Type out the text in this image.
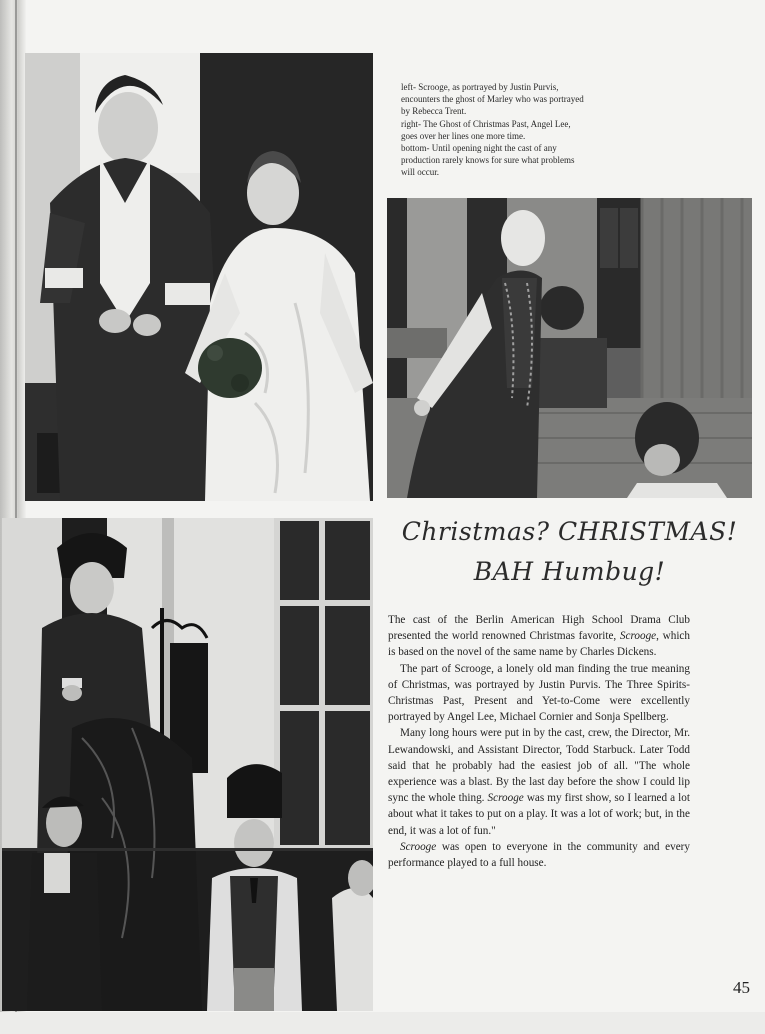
left- Scrooge, as portrayed by Justin Purvis,

encounters the ghost of Marley who was portrayed

by Rebecca Trent.

right- The Ghost of Christmas Past, Angel Lee,

goes over her lines one more time.

bottom- Until opening night the cast of any

production rarely knows for sure what problems

will occur.

Christmas? CHRISTMAS!
BAH Humbug!

The cast of the Berlin American High School Drama Club presented the world renowned Christmas favorite, Scrooge, which is based on the novel of the same name by Charles Dickens.

The part of Scrooge, a lonely old man finding the true meaning of Christmas, was portrayed by Justin Purvis. The Three Spirits- Christmas Past, Present and Yet-to-Come were excellently portrayed by Angel Lee, Michael Cornier and Sonja Spellberg.

Many long hours were put in by the cast, crew, the Director, Mr. Lewandowski, and Assistant Director, Todd Starbuck. Later Todd said that he probably had the easiest job of all. "The whole experience was a blast. By the last day before the show I could lip sync the whole thing. Scrooge was my first show, so I learned a lot about what it takes to put on a play. It was a lot of work; but, in the end, it was a lot of fun."

Scrooge was open to everyone in the community and every performance played to a full house.

45
